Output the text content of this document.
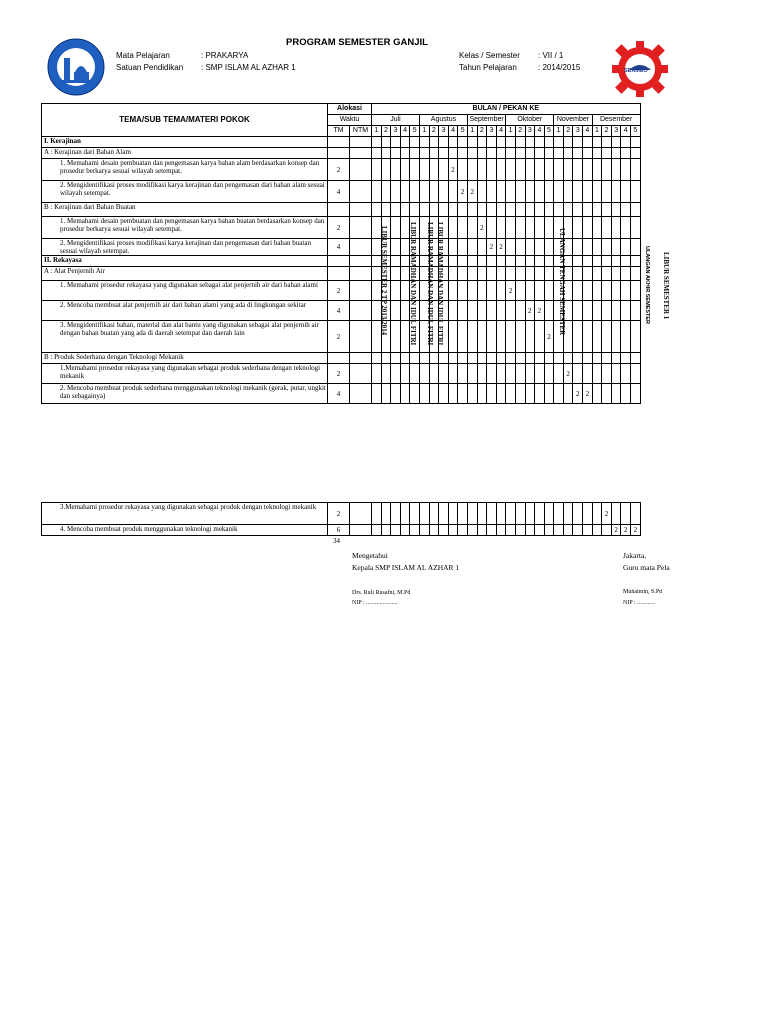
SEAMEO
PROGRAM SEMESTER GANJIL
Mata Pelajaran	: PRAKARYA
Satuan Pendidikan : SMP ISLAM AL AZHAR 1
Kelas / Semester : VII / 1
Tahun Pelajaran	: 2014/2015
TEMA/SUB TEMA/MATERI POKOK	Alokasi		BULAN / PEKAN KE																											
	Waktu		Juli					Agustus					September				Oktober					November				Desember				
	TM	NTM	1	2	3	4	5	1	2	3	4	5	1	2	3	4	1	2	3	4	5	1	2	3	4	1	2	3	4	5
I. Kerajinan																														
A : Kerajinan dari Bahan Alam																														
1. Memahami desain pembuatan dan pengemasan karya bahan alam berdasarkan konsep dan prosedur berkarya sesuai wilayah setempat.	2										2																			
2. Mengidentifikasi proses modifikasi karya kerajinan dan pengemasan dari bahan alam sesuai wilayah setempat.	4											2	2																	
B : Kerajinan dari Bahan Buatan																														
1. Memahami desain pembuatan dan pengemasan karya bahan buatan berdasarkan konsep dan prosedur berkarya sesuai wilayah setempat.	2													2																
2. Mengidentifikasi proses modifikasi karya kerajinan dan pengemasan dari bahan buatan sesuai wilayah setempat.	4														2	2														
II. Rekayasa																														
A : Alat Penjernih Air																														
1. Memahami prosedur rekayasa yang digunakan sebagai alat penjernih air dari bahan alami	2																2													
2. Mencoba membuat alat penjernih air dari bahan alami yang ada di lingkungan sekitar	4																		2	2										
3. Mengidentifikasi bahan, material dan alat bantu yang digunakan sebagai alat penjernih air dengan bahan buatan yang ada di daerah setempat dan daerah lain	2																				2									
B : Produk Sederhana dengan Teknologi Mekanik																														
1.Memahami prosedur rekayasa yang digunakan sebagai produk sederhana dengan teknologi mekanik	2																						2							
2. Mencoba membuat produk sederhana menggunakan teknologi mekanik (gerak, putar, ungkit dan sebagainya)	4																							2	2					
3.Memahami prosedur rekayasa yang digunakan sebagai produk dengan teknologi mekanik	2																										2			
4. Mencoba membuat produk menggunakan teknologi mekanik	6																											2	2	2
34
LIBUR SEMESTER 2 TP 2013/2014	LIBUR RAMADHAN DAN IDUL FITRI LIBUR RAMADHAN DAN IDUL FITRI LIBUR RAMADHAN DAN IDUL FITRI	ULANGAN TENGAH SEMESTER	ULANGAN AKHIR SEMESTER LIBUR SEMESTER 1
Mengetahui
Kepala SMP ISLAM AL AZHAR 1
Drs. Ruli Rusafni, M.Pd
NIP : .....................
Jakarta,
Guru mata Pela
Muhaimin, S.Pd
NIP : ............
